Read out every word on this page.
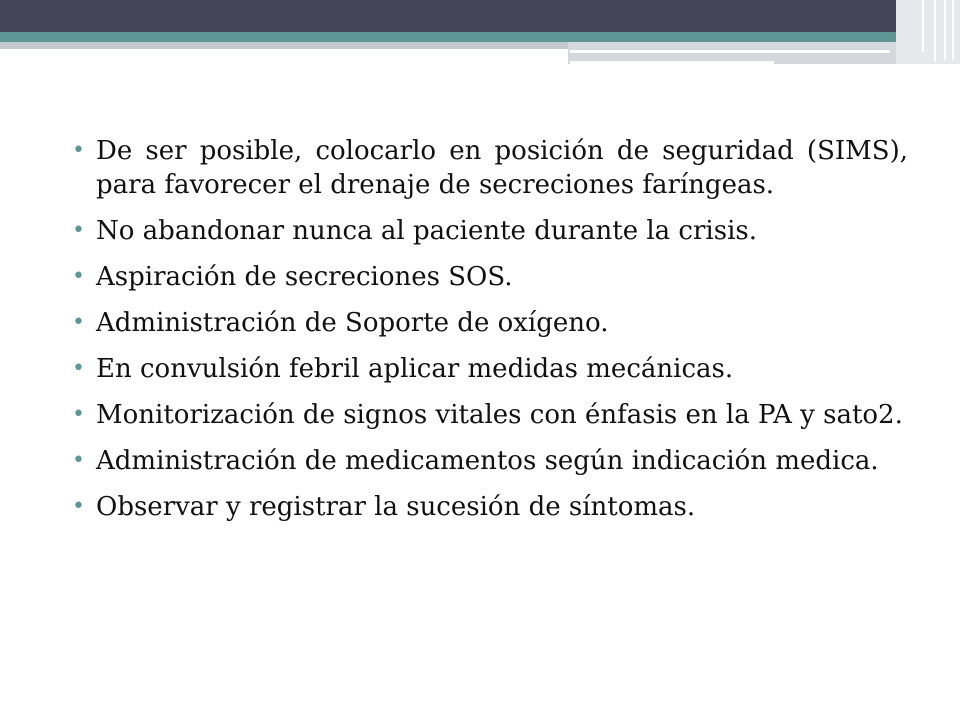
• De ser posible, colocarlo en posición de seguridad (SIMS), para favorecer el drenaje de secreciones faríngeas.
• No abandonar nunca al paciente durante la crisis.
• Aspiración de secreciones SOS.
• Administración de Soporte de oxígeno.
• En convulsión febril aplicar medidas mecánicas.
• Monitorización de signos vitales con énfasis en la PA y sato2.
• Administración de medicamentos según indicación medica.
• Observar y registrar la sucesión de síntomas.
